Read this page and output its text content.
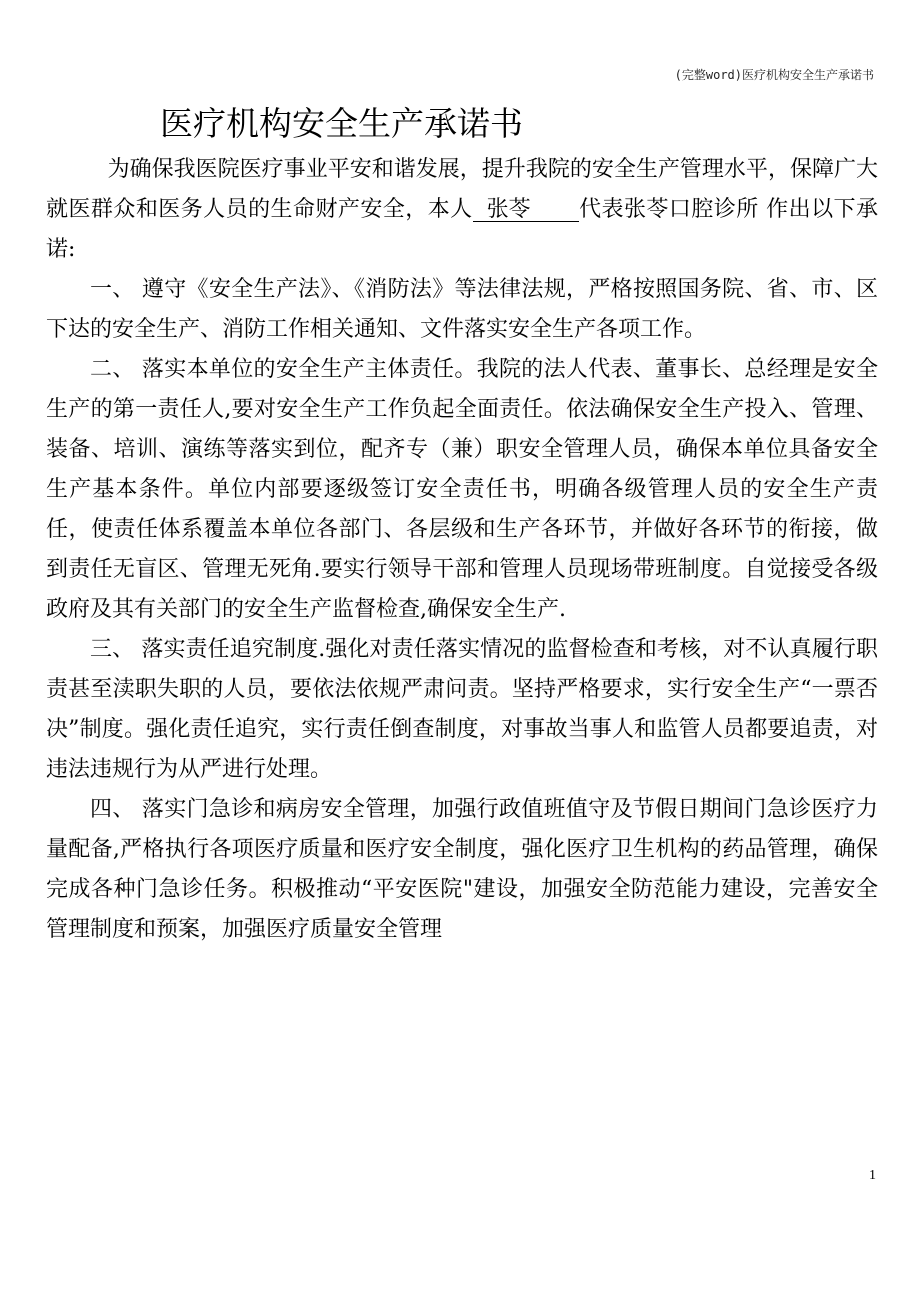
(完整word)医疗机构安全生产承诺书
医疗机构安全生产承诺书

为确保我医院医疗事业平安和谐发展，提升我院的安全生产管理水平，保障广大就医群众和医务人员的生命财产安全，本人 张苓 代表张苓口腔诊所 作出以下承诺:

一、 遵守《安全生产法》、《消防法》等法律法规，严格按照国务院、省、市、区下达的安全生产、消防工作相关通知、文件落实安全生产各项工作。

二、 落实本单位的安全生产主体责任。我院的法人代表、董事长、总经理是安全生产的第一责任人,要对安全生产工作负起全面责任。依法确保安全生产投入、管理、装备、培训、演练等落实到位，配齐专（兼）职安全管理人员，确保本单位具备安全生产基本条件。单位内部要逐级签订安全责任书，明确各级管理人员的安全生产责任，使责任体系覆盖本单位各部门、各层级和生产各环节，并做好各环节的衔接，做到责任无盲区、管理无死角.要实行领导干部和管理人员现场带班制度。自觉接受各级政府及其有关部门的安全生产监督检查,确保安全生产.

三、 落实责任追究制度.强化对责任落实情况的监督检查和考核，对不认真履行职责甚至渎职失职的人员，要依法依规严肃问责。坚持严格要求，实行安全生产“一票否决”制度。强化责任追究，实行责任倒查制度，对事故当事人和监管人员都要追责，对违法违规行为从严进行处理。

四、 落实门急诊和病房安全管理，加强行政值班值守及节假日期间门急诊医疗力量配备,严格执行各项医疗质量和医疗安全制度，强化医疗卫生机构的药品管理，确保完成各种门急诊任务。积极推动“平安医院"建设，加强安全防范能力建设，完善安全管理制度和预案，加强医疗质量安全管理

1
